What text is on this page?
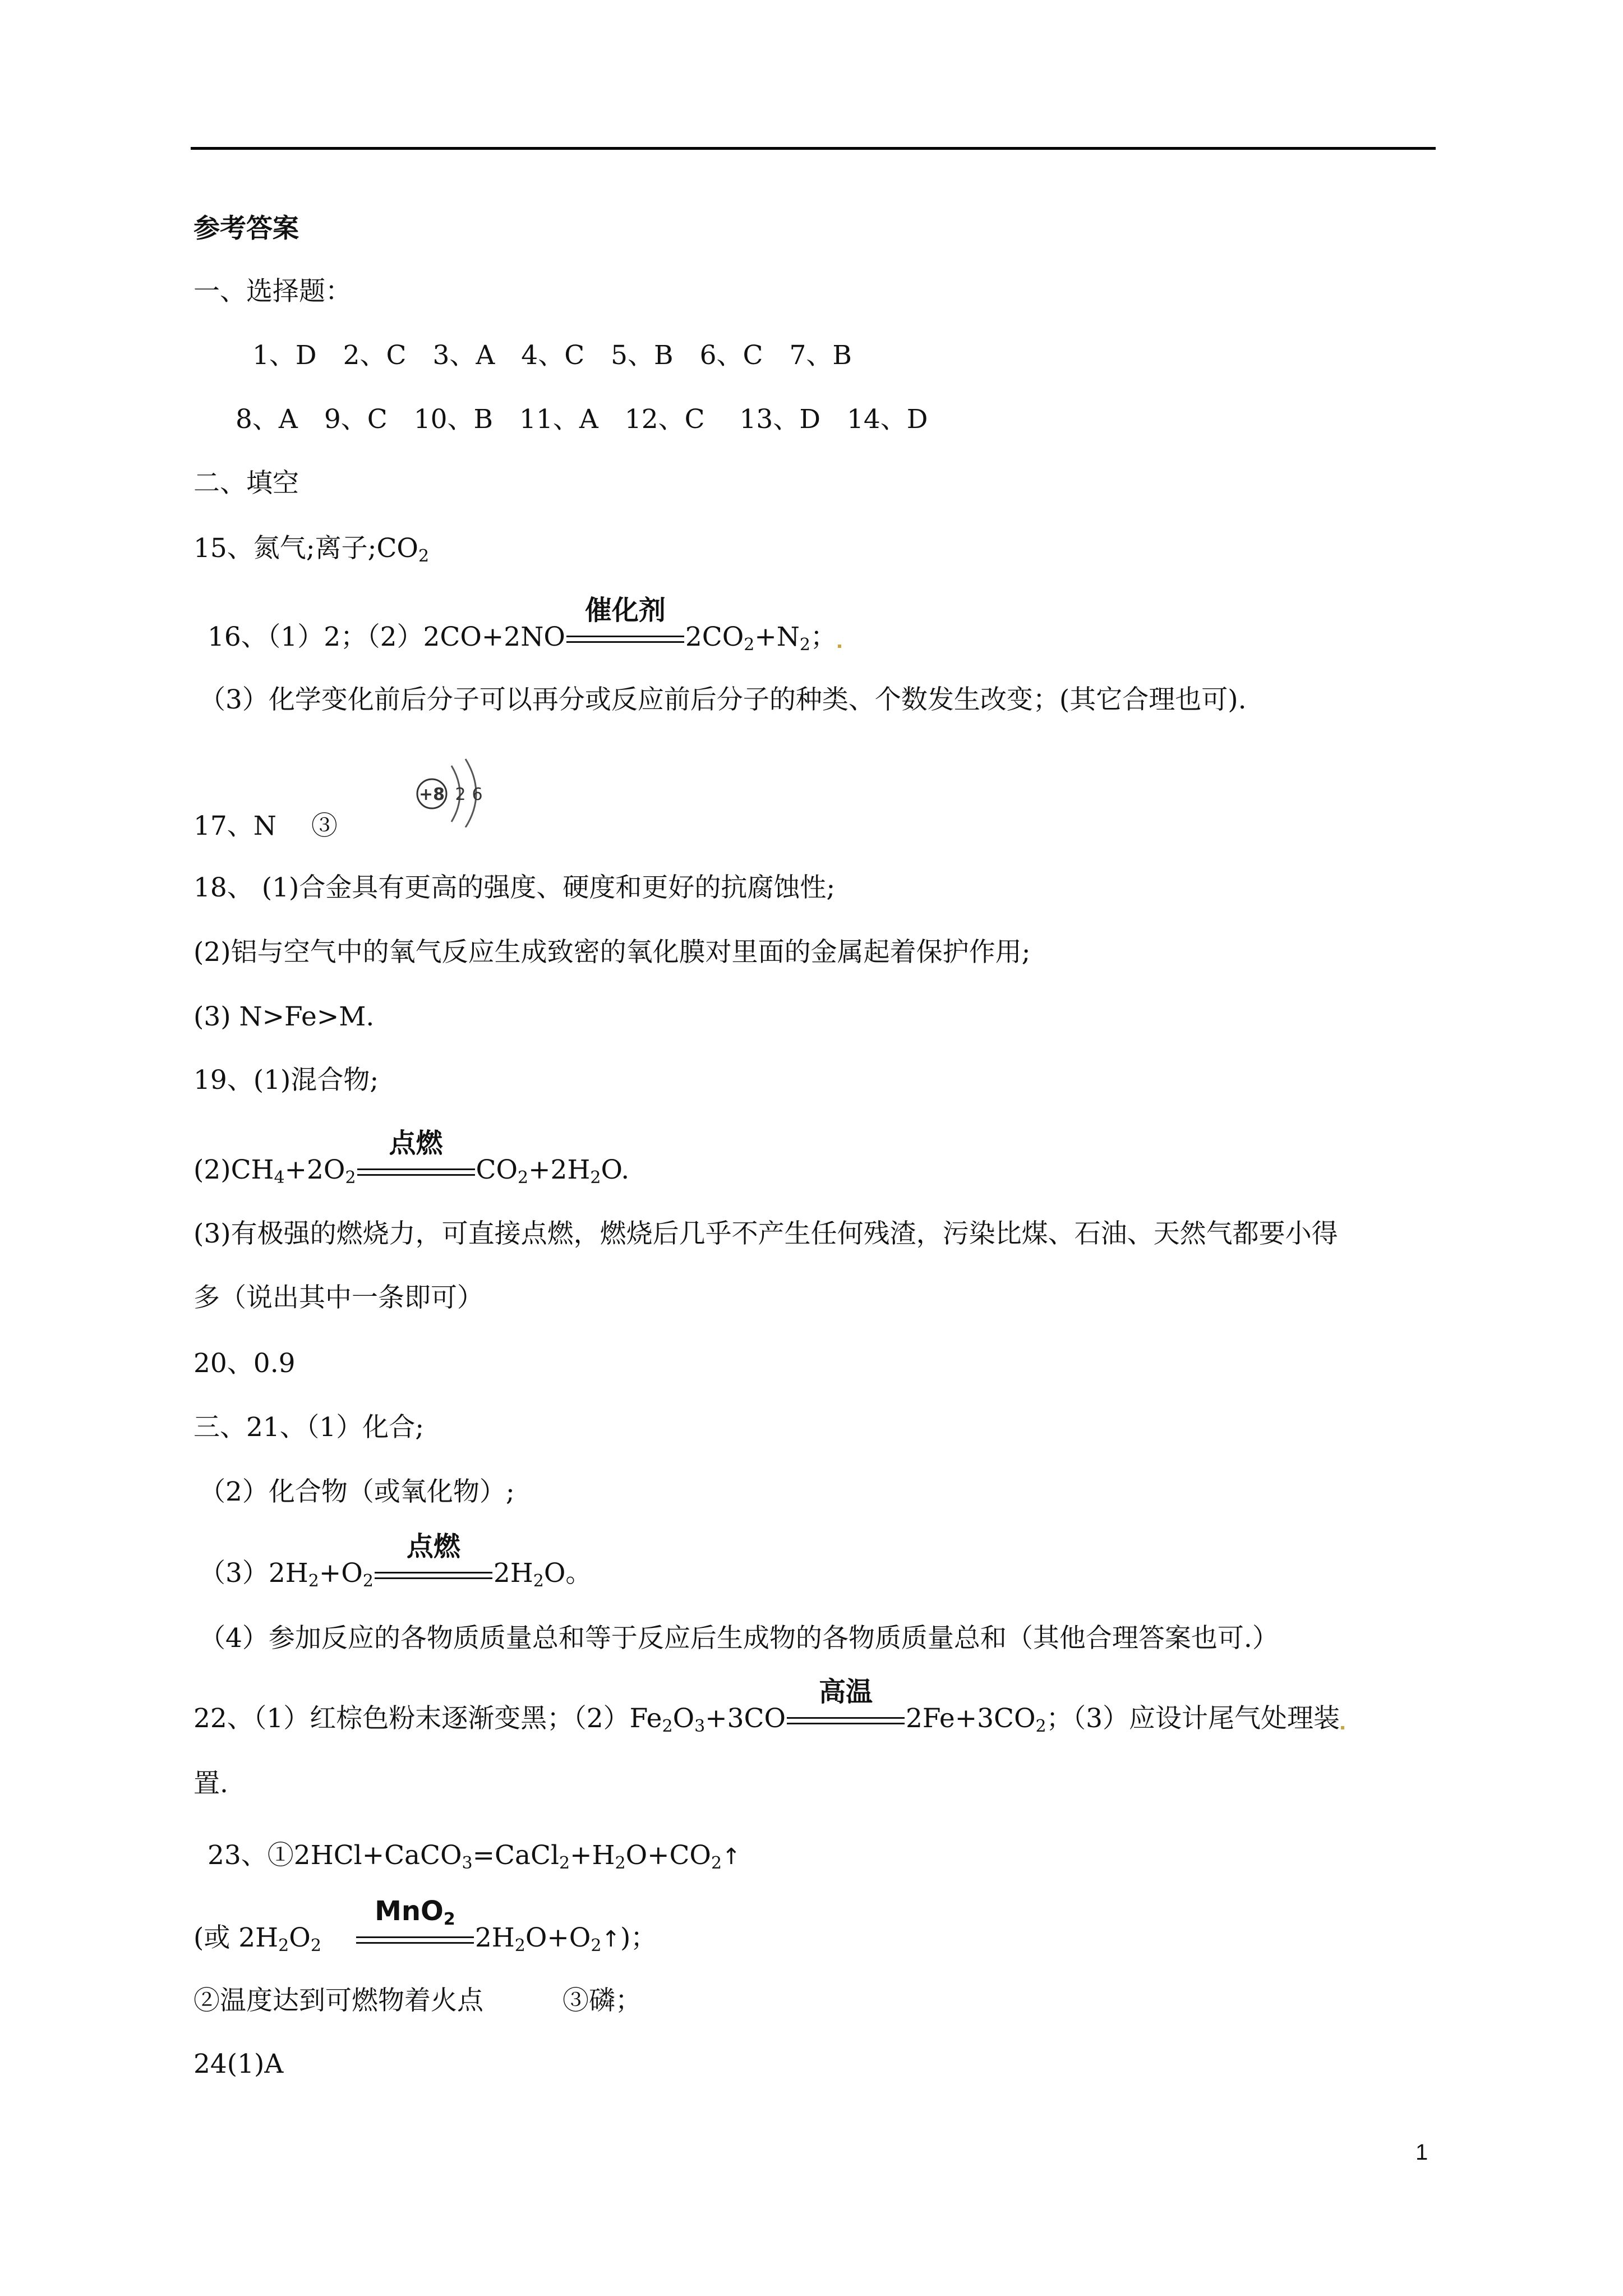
参考答案
一、选择题：
1、D　2、C　3、A　4、C　5、B　6、C　7、B
8、A　9、C　10、B　11、A　12、C　 13、D　14、D
二、填空
15、氮气;离子$;CO_2$
16、（1）2；（2）2CO+2NO
催化剂
$2CO_2+N_2$；
（3）化学变化前后分子可以再分或反应前后分子的种类、个数发生改变；(其它合理也可).
17、N　 ③
+8 2 6
18、 (1)合金具有更高的强度、硬度和更好的抗腐蚀性;
(2)铝与空气中的氧气反应生成致密的氧化膜对里面的金属起着保护作用;
(3) N>Fe>M.
19、(1)混合物;
$(2)CH_4+2O_2$
点燃
$CO_2+2H_2O$.
(3)有极强的燃烧力，可直接点燃，燃烧后几乎不产生任何残渣，污染比煤、石油、天然气都要小得
多（说出其中一条即可）
20、0.9
三、21、（1）化合;
（2）化合物（或氧化物）;
$(3)2H_2+O_2$
点燃
$2H_2O$。
（4）参加反应的各物质质量总和等于反应后生成物的各物质质量总和（其他合理答案也可.）
22、（1）红棕色粉末逐渐变黑；$(2)Fe_2O_3+3CO$
高温
$2Fe+3CO_2$；（3）应设计尾气处理装
置.
23、$①2HCl+CaCO_3=CaCl_2+H_2O+CO_2↑$
(或 $2H_2O_2$
MnO$_2$
$2H_2O+O_2↑$)；
②温度达到可燃物着火点　　　③磷；
24(1)A
1
